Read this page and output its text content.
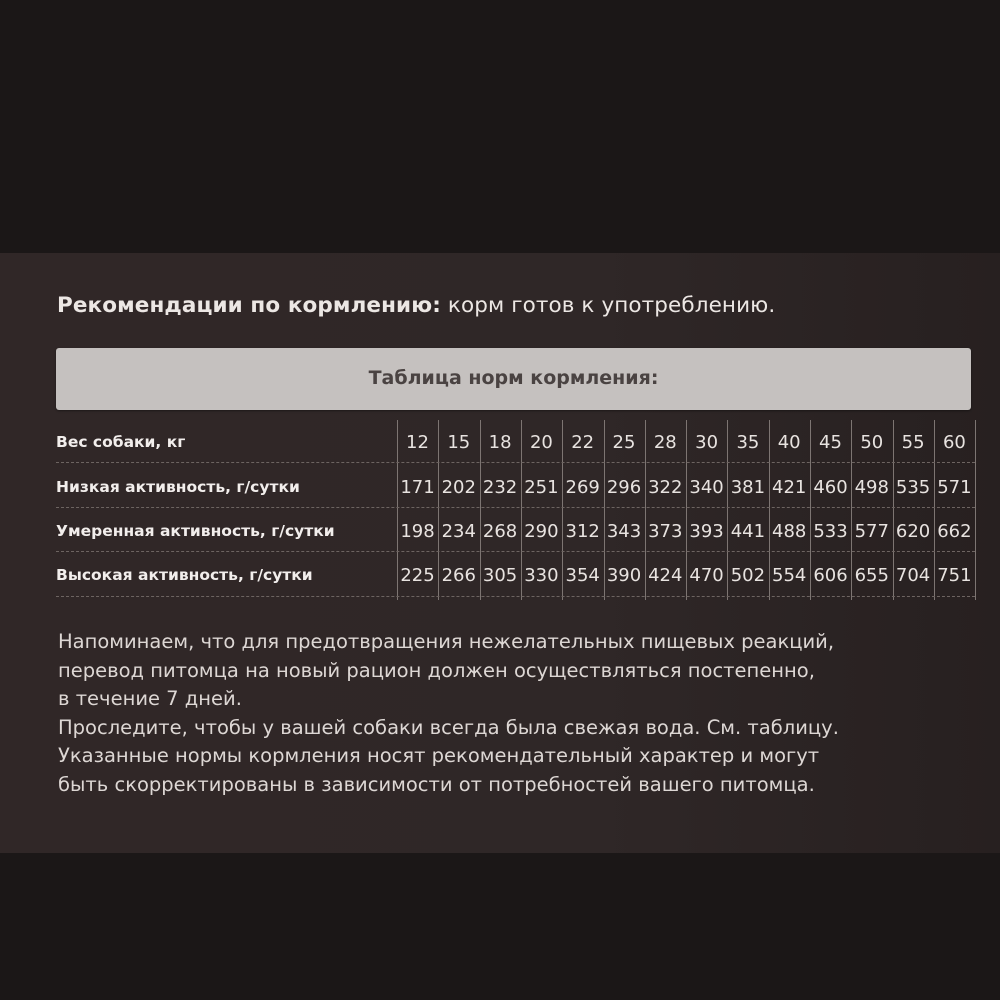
Рекомендации по кормлению: корм готов к употреблению.
Таблица норм кормления:
Вес собаки, кг	12	15	18	20	22	25	28	30	35	40	45	50	55	60
Низкая активность, г/сутки	171 202 232 251 269 296 322 340 381 421 460 498 535 571
Умеренная активность, г/сутки	198 234 268 290 312 343 373 393 441 488 533 577 620 662
Высокая активность, г/сутки	225 266 305 330 354 390 424 470 502 554 606 655 704 751
Напоминаем, что для предотвращения нежелательных пищевых реакций,
перевод питомца на новый рацион должен осуществляться постепенно,
в течение 7 дней.
Проследите, чтобы у вашей собаки всегда была свежая вода. См. таблицу.
Указанные нормы кормления носят рекомендательный характер и могут
быть скорректированы в зависимости от потребностей вашего питомца.
